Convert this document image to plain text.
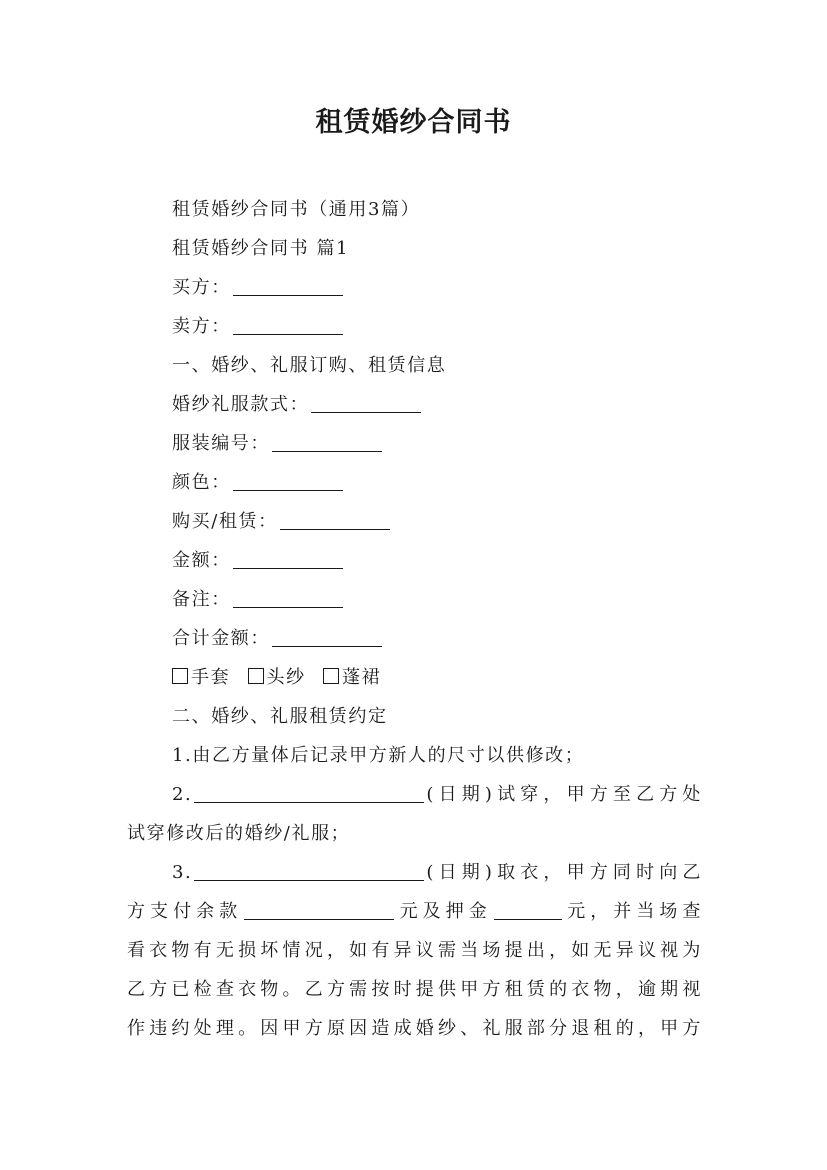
租赁婚纱合同书
租赁婚纱合同书（通用3篇）
租赁婚纱合同书 篇1
买方：
卖方：
一、婚纱、礼服订购、租赁信息
婚纱礼服款式：
服装编号：
颜色：
购买/租赁：
金额：
备注：
合计金额：
手套 头纱 蓬裙
二、婚纱、礼服租赁约定
1.由乙方量体后记录甲方新人的尺寸以供修改；
2.	(日期)试穿，甲方至乙方处
试穿修改后的婚纱/礼服；
3.	(日期)取衣，甲方同时向乙
方支付余款	元及押金	元，并当场查
看衣物有无损坏情况，如有异议需当场提出，如无异议视为
乙方已检查衣物。乙方需按时提供甲方租赁的衣物，逾期视
作违约处理。因甲方原因造成婚纱、礼服部分退租的，甲方
